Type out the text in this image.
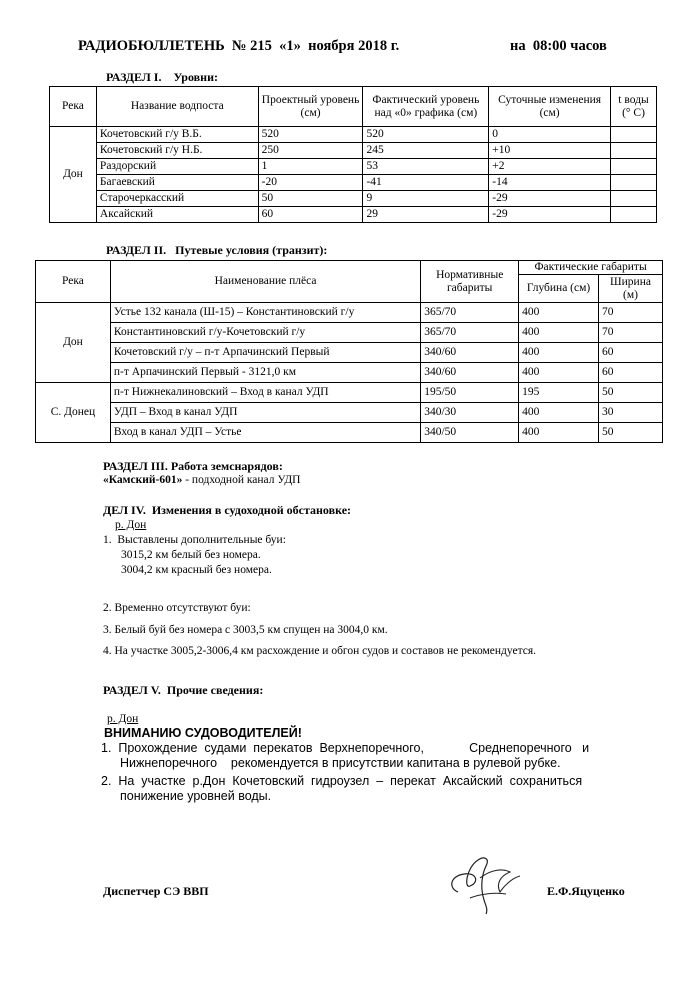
РАДИОБЮЛЛЕТЕНЬ  № 215  «1»  ноября 2018 г.	на  08:00 часов
РАЗДЕЛ I.    Уровни:
Река	Название водпоста	Проектный уровень (см)	Фактический уровень над «0» графика (см)	Суточные изменения (см)	t воды (° С)
Дон	Кочетовский г/у В.Б.	520	520	0	
	Кочетовский г/у Н.Б.	250	245	+10	
	Раздорский	1	53	+2	
	Багаевский	-20	-41	-14	
	Старочеркасский	50	9	-29	
	Аксайский	60	29	-29	
РАЗДЕЛ II.   Путевые условия (транзит):
Река	Наименование плёса	Нормативные габариты	Фактические габариты	
			Глубина (см)	Ширина (м)
Дон	Устье 132 канала (Ш-15) – Константиновский г/у	365/70	400	70
	Константиновский г/у-Кочетовский г/у	365/70	400	70
	Кочетовский г/у – п-т Арпачинский Первый	340/60	400	60
	п-т Арпачинский Первый - 3121,0 км	340/60	400	60
С. Донец	п-т Нижнекалиновский – Вход в канал УДП	195/50	195	50
	УДП – Вход в канал УДП	340/30	400	30
	Вход в канал УДП – Устье	340/50	400	50
РАЗДЕЛ III. Работа земснарядов:
«Камский-601» - подходной канал УДП
ДЕЛ IV.  Изменения в судоходной обстановке:
р. Дон
1.  Выставлены дополнительные буи:
3015,2 км белый без номера.
3004,2 км красный без номера.
2. Временно отсутствуют буи:
3. Белый буй без номера с 3003,5 км спущен на 3004,0 км.
4. На участке 3005,2-3006,4 км расхождение и обгон судов и составов не рекомендуется.
РАЗДЕЛ V.  Прочие сведения:
р. Дон
ВНИМАНИЮ СУДОВОДИТЕЛЕЙ!
1.  Прохождение  судами  перекатов  Верхнепоречного,             Среднепоречного   и
Нижнепоречного    рекомендуется в присутствии капитана в рулевой рубке.
2.  На  участке  р.Дон  Кочетовский  гидроузел  –  перекат  Аксайский  сохраниться
понижение уровней воды.
Диспетчер СЭ ВВП	Е.Ф.Яцуценко
